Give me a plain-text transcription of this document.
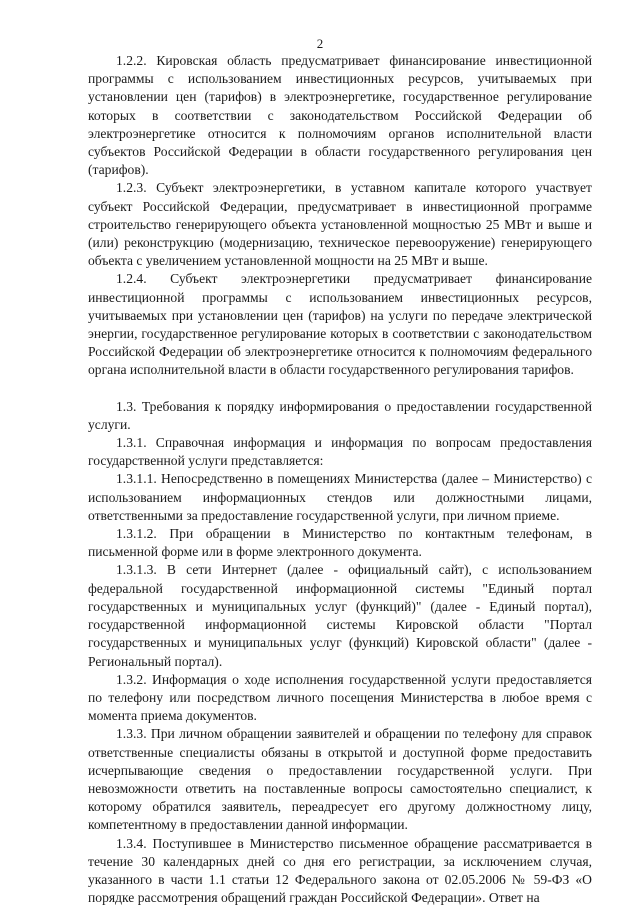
2

1.2.2. Кировская область предусматривает финансирование инвестиционной программы с использованием инвестиционных ресурсов, учитываемых при установлении цен (тарифов) в электроэнергетике, государственное регулирование которых в соответствии с законодательством Российской Федерации об электроэнергетике относится к полномочиям органов исполнительной власти субъектов Российской Федерации в области государственного регулирования цен (тарифов).

1.2.3. Субъект электроэнергетики, в уставном капитале которого участвует субъект Российской Федерации, предусматривает в инвестиционной программе строительство генерирующего объекта установленной мощностью 25 МВт и выше и (или) реконструкцию (модернизацию, техническое перевооружение) генерирующего объекта с увеличением установленной мощности на 25 МВт и выше.

1.2.4. Субъект электроэнергетики предусматривает финансирование инвестиционной программы с использованием инвестиционных ресурсов, учитываемых при установлении цен (тарифов) на услуги по передаче электрической энергии, государственное регулирование которых в соответствии с законодательством Российской Федерации об электроэнергетике относится к полномочиям федерального органа исполнительной власти в области государственного регулирования тарифов.

1.3. Требования к порядку информирования о предоставлении государственной услуги.

1.3.1. Справочная информация и информация по вопросам предоставления государственной услуги представляется:

1.3.1.1. Непосредственно в помещениях Министерства (далее – Министерство) с использованием информационных стендов или должностными лицами, ответственными за предоставление государственной услуги, при личном приеме.

1.3.1.2. При обращении в Министерство по контактным телефонам, в письменной форме или в форме электронного документа.

1.3.1.3. В сети Интернет (далее - официальный сайт), с использованием федеральной государственной информационной системы "Единый портал государственных и муниципальных услуг (функций)" (далее - Единый портал), государственной информационной системы Кировской области "Портал государственных и муниципальных услуг (функций) Кировской области" (далее - Региональный портал).

1.3.2. Информация о ходе исполнения государственной услуги предоставляется по телефону или посредством личного посещения Министерства в любое время с момента приема документов.

1.3.3. При личном обращении заявителей и обращении по телефону для справок ответственные специалисты обязаны в открытой и доступной форме предоставить исчерпывающие сведения о предоставлении государственной услуги. При невозможности ответить на поставленные вопросы самостоятельно специалист, к которому обратился заявитель, переадресует его другому должностному лицу, компетентному в предоставлении данной информации.

1.3.4. Поступившее в Министерство письменное обращение рассматривается в течение 30 календарных дней со дня его регистрации, за исключением случая, указанного в части 1.1 статьи 12 Федерального закона от 02.05.2006 № 59-ФЗ «О порядке рассмотрения обращений граждан Российской Федерации». Ответ на
